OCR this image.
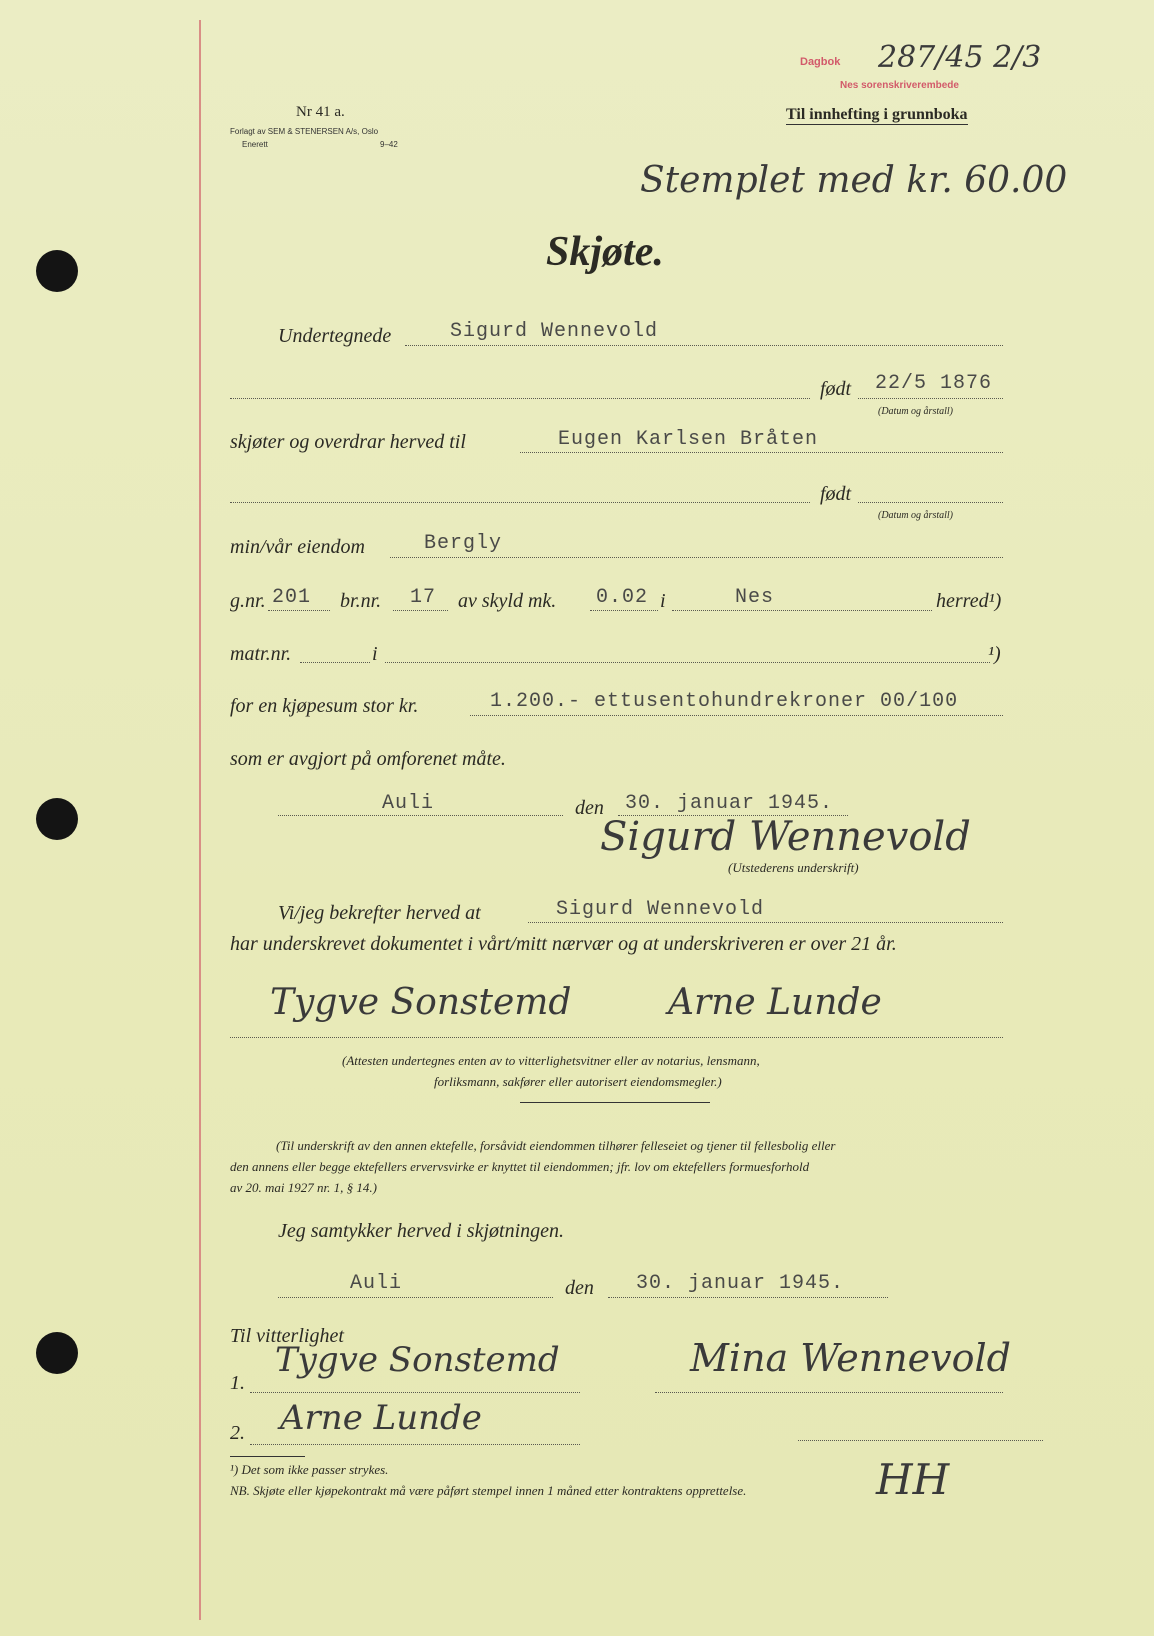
Dagbok
Nes sorenskriverembede
287/45 2/3
Nr 41 a.
Forlagt av SEM & STENERSEN A/s, Oslo
Enerett	9–42
Til innhefting i grunnboka
Stemplet med kr. 60.00
Skjøte.
Undertegnede	Sigurd Wennevold
født 22/5 1876
(Datum og årstall)
skjøter og overdrar herved til	Eugen Karlsen Bråten
født
(Datum og årstall)
min/vår eiendom	Bergly
g.nr. 201 br.nr. 17 av skyld mk. 0.02 i	Nes	herred¹)
matr.nr.	i	¹)
for en kjøpesum stor kr.	1.200.- ettusentohundrekroner 00/100
som er avgjort på omforenet måte.
Auli	den 30. januar 1945.
Sigurd Wennevold
(Utstederens underskrift)
Vi/jeg bekrefter herved at	Sigurd Wennevold
har underskrevet dokumentet i vårt/mitt nærvær og at underskriveren er over 21 år.
Tygve Sonstemd	Arne Lunde
(Attesten undertegnes enten av to vitterlighetsvitner eller av notarius, lensmann,
forliksmann, sakfører eller autorisert eiendomsmegler.)
(Til underskrift av den annen ektefelle, forsåvidt eiendommen tilhører felleseiet og tjener til fellesbolig eller
den annens eller begge ektefellers ervervsvirke er knyttet til eiendommen; jfr. lov om ektefellers formuesforhold
av 20. mai 1927 nr. 1, § 14.)
Jeg samtykker herved i skjøtningen.
Auli	den 30. januar 1945.
Til vitterlighet
1.
Tygve Sonstemd	Mina Wennevold
2. Arne Lunde
¹) Det som ikke passer strykes.
NB. Skjøte eller kjøpekontrakt må være påført stempel innen 1 måned etter kontraktens opprettelse.	HH
